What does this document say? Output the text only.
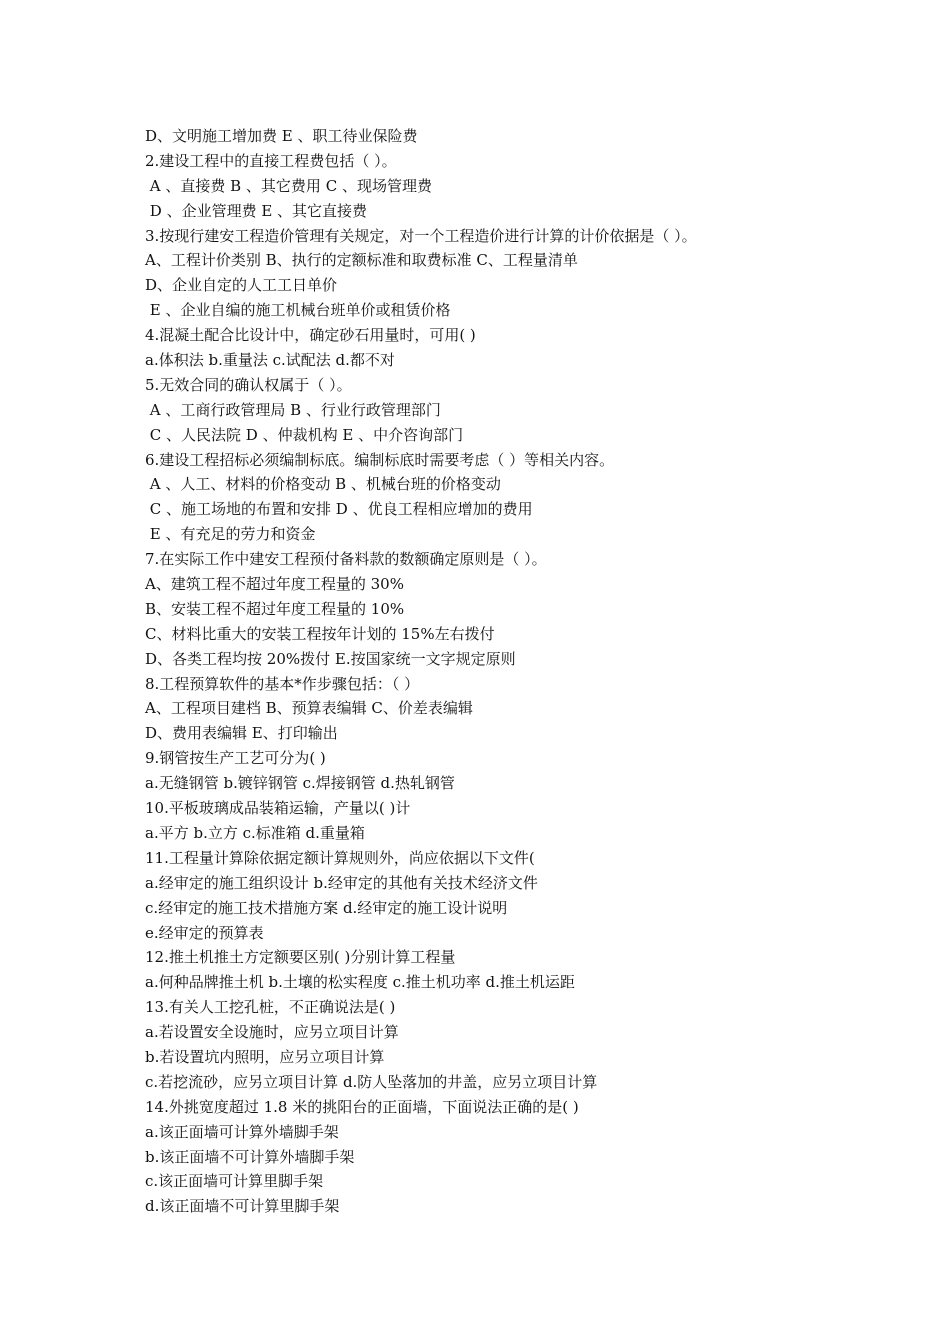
D、文明施工增加费 E 、职工待业保险费
2.建设工程中的直接工程费包括（ ）。
A 、直接费 B 、其它费用 C 、现场管理费
D 、企业管理费 E 、其它直接费
3.按现行建安工程造价管理有关规定，对一个工程造价进行计算的计价依据是（ ）。
A、工程计价类别 B、执行的定额标准和取费标准 C、工程量清单
D、企业自定的人工工日单价
E 、企业自编的施工机械台班单价或租赁价格
4.混凝土配合比设计中，确定砂石用量时，可用( )
a.体积法 b.重量法 c.试配法 d.都不对
5.无效合同的确认权属于（ ）。
A 、工商行政管理局 B 、行业行政管理部门
C 、人民法院 D 、仲裁机构 E 、中介咨询部门
6.建设工程招标必须编制标底。编制标底时需要考虑（ ）等相关内容。
A 、人工、材料的价格变动 B 、机械台班的价格变动
C 、施工场地的布置和安排 D 、优良工程相应增加的费用
E 、有充足的劳力和资金
7.在实际工作中建安工程预付备料款的数额确定原则是（ ）。
A、建筑工程不超过年度工程量的 30%
B、安装工程不超过年度工程量的 10%
C、材料比重大的安装工程按年计划的 15%左右拨付
D、各类工程均按 20%拨付 E.按国家统一文字规定原则
8.工程预算软件的基本*作步骤包括：（ ）
A、工程项目建档 B、预算表编辑 C、价差表编辑
D、费用表编辑 E、打印输出
9.钢管按生产工艺可分为( )
a.无缝钢管 b.镀锌钢管 c.焊接钢管 d.热轧钢管
10.平板玻璃成品装箱运输，产量以( )计
a.平方 b.立方 c.标准箱 d.重量箱
11.工程量计算除依据定额计算规则外，尚应依据以下文件(
a.经审定的施工组织设计 b.经审定的其他有关技术经济文件
c.经审定的施工技术措施方案 d.经审定的施工设计说明
e.经审定的预算表
12.推土机推土方定额要区别( )分别计算工程量
a.何种品牌推土机 b.土壤的松实程度 c.推土机功率 d.推土机运距
13.有关人工挖孔桩，不正确说法是( )
a.若设置安全设施时，应另立项目计算
b.若设置坑内照明，应另立项目计算
c.若挖流砂，应另立项目计算 d.防人坠落加的井盖，应另立项目计算
14.外挑宽度超过 1.8 米的挑阳台的正面墙，下面说法正确的是( )
a.该正面墙可计算外墙脚手架
b.该正面墙不可计算外墙脚手架
c.该正面墙可计算里脚手架
d.该正面墙不可计算里脚手架
